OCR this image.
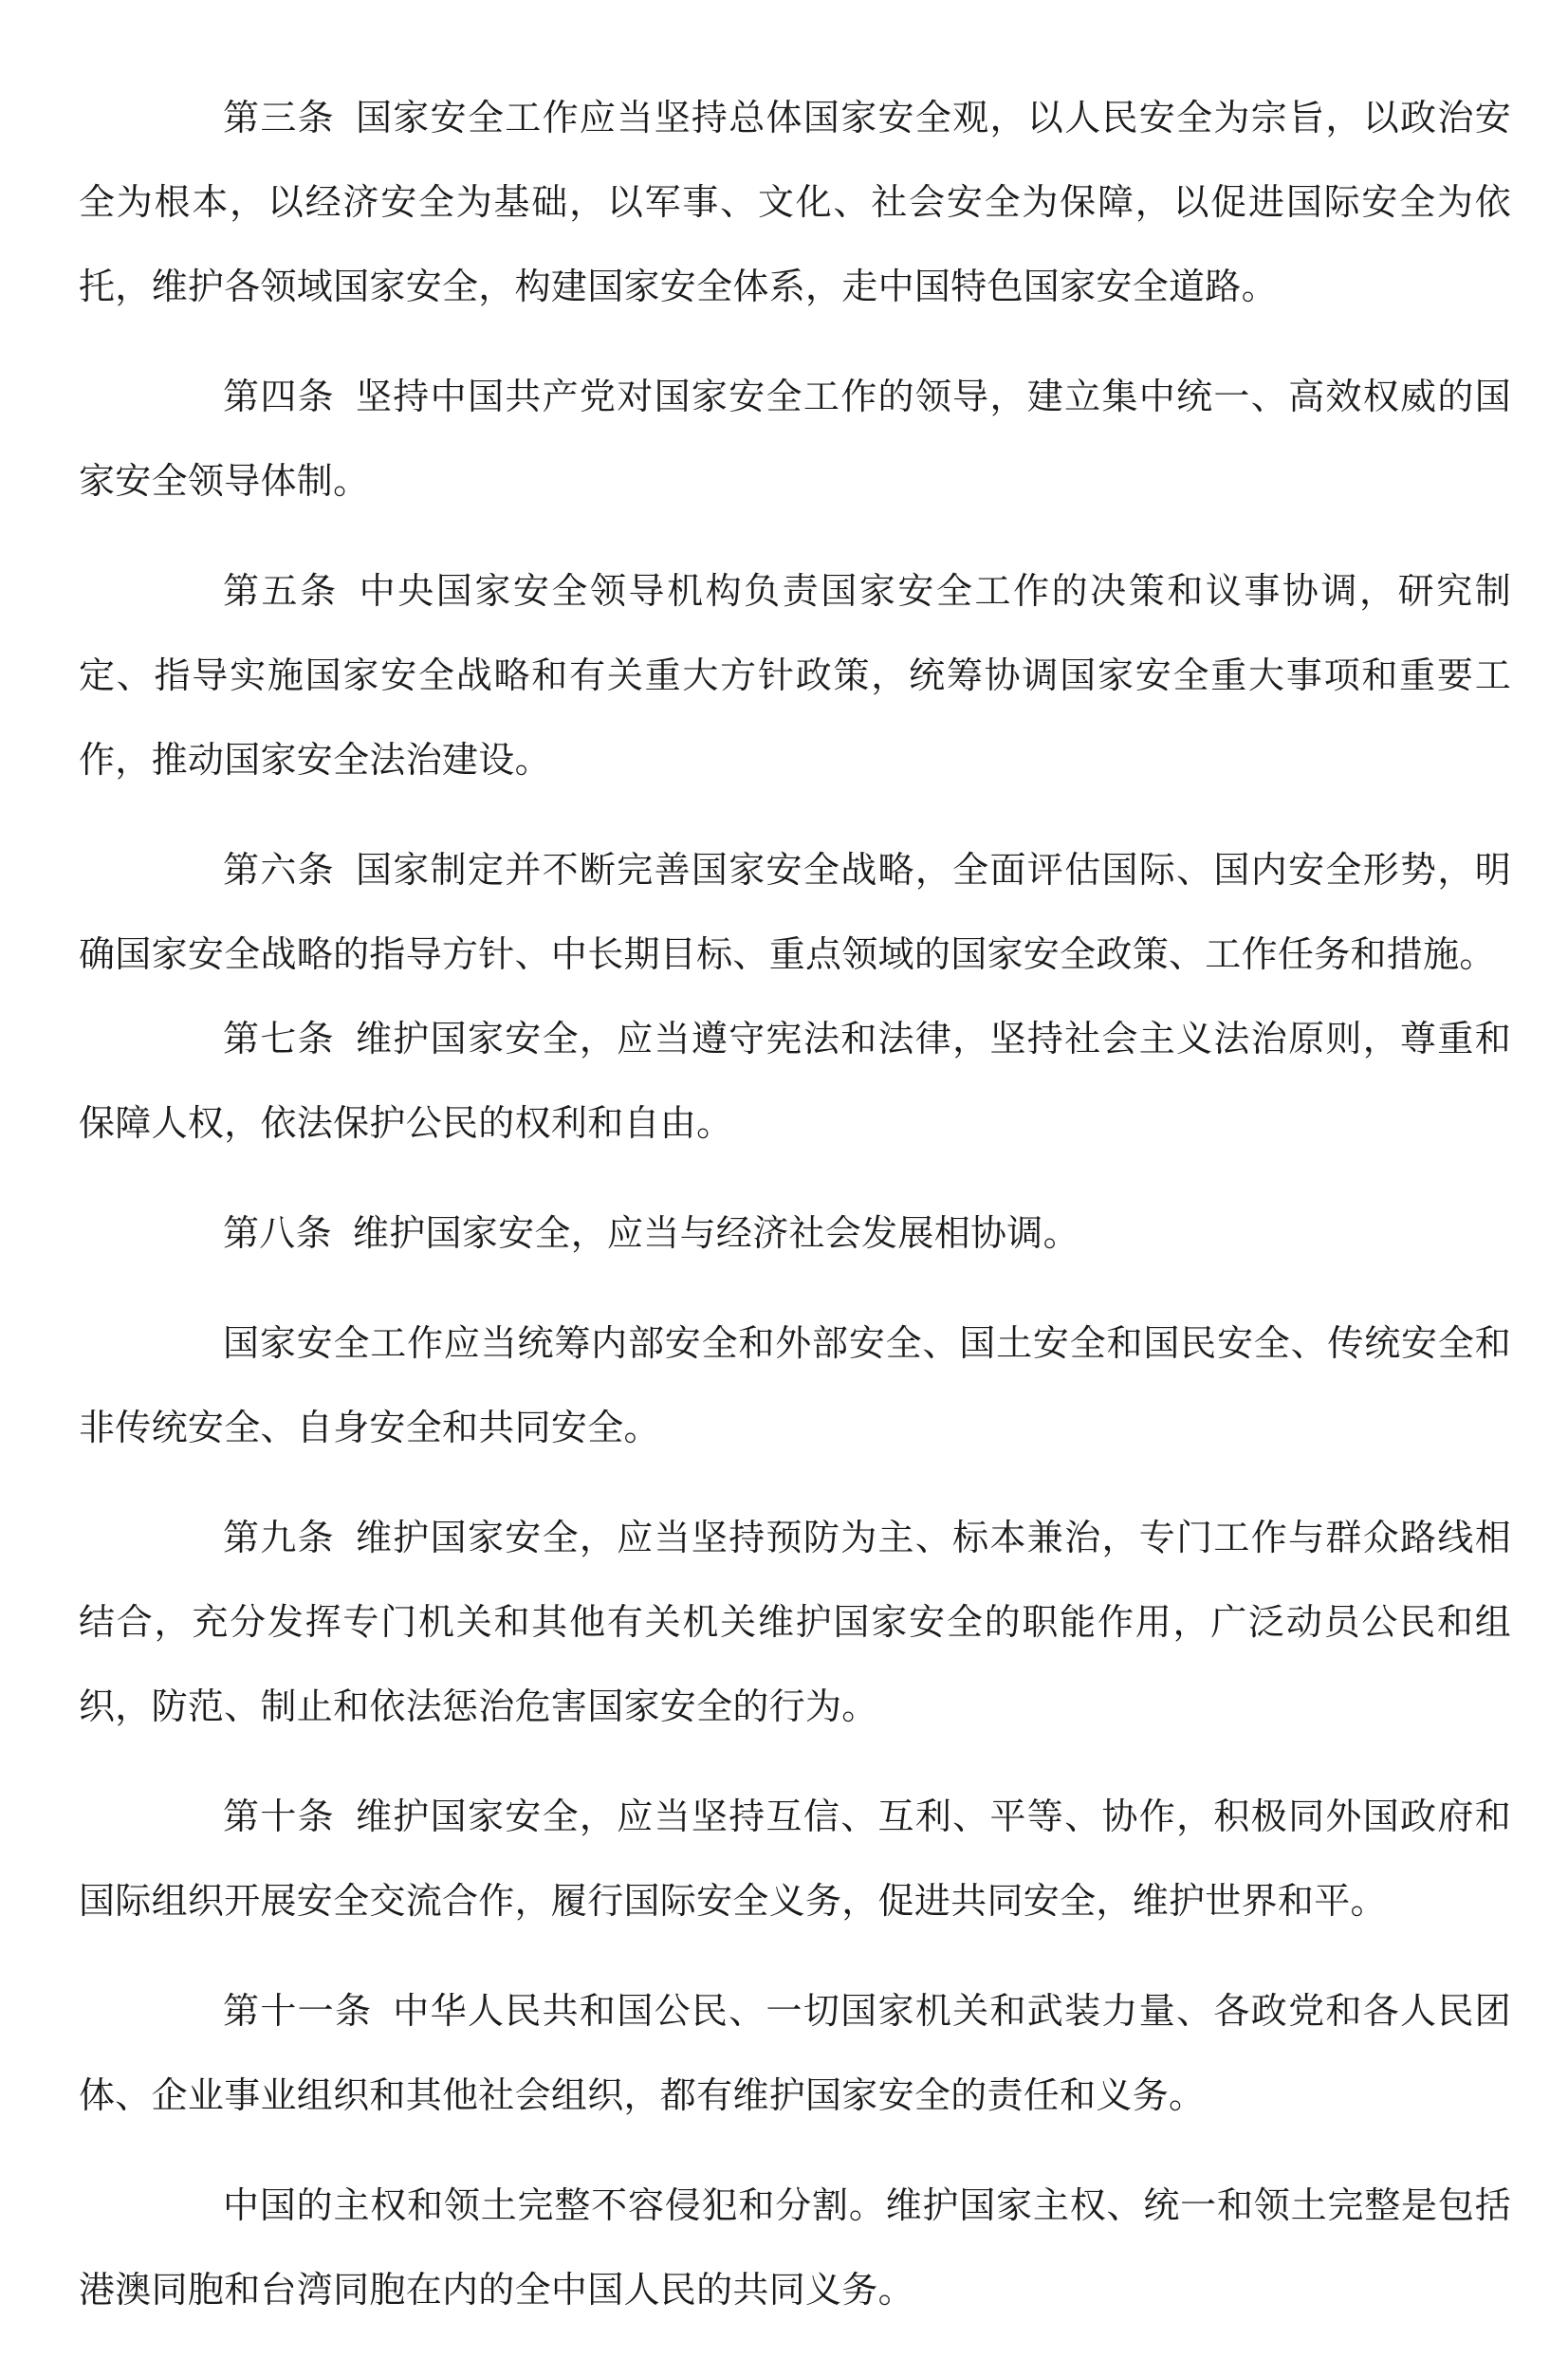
第三条 国家安全工作应当坚持总体国家安全观，以人民安全为宗旨，以政治安全为根本，以经济安全为基础，以军事、文化、社会安全为保障，以促进国际安全为依托，维护各领域国家安全，构建国家安全体系，走中国特色国家安全道路。

第四条 坚持中国共产党对国家安全工作的领导，建立集中统一、高效权威的国家安全领导体制。

第五条 中央国家安全领导机构负责国家安全工作的决策和议事协调，研究制定、指导实施国家安全战略和有关重大方针政策，统筹协调国家安全重大事项和重要工作，推动国家安全法治建设。

第六条 国家制定并不断完善国家安全战略，全面评估国际、国内安全形势，明确国家安全战略的指导方针、中长期目标、重点领域的国家安全政策、工作任务和措施。

第七条 维护国家安全，应当遵守宪法和法律，坚持社会主义法治原则，尊重和保障人权，依法保护公民的权利和自由。

第八条 维护国家安全，应当与经济社会发展相协调。

国家安全工作应当统筹内部安全和外部安全、国土安全和国民安全、传统安全和非传统安全、自身安全和共同安全。

第九条 维护国家安全，应当坚持预防为主、标本兼治，专门工作与群众路线相结合，充分发挥专门机关和其他有关机关维护国家安全的职能作用，广泛动员公民和组织，防范、制止和依法惩治危害国家安全的行为。

第十条 维护国家安全，应当坚持互信、互利、平等、协作，积极同外国政府和国际组织开展安全交流合作，履行国际安全义务，促进共同安全，维护世界和平。

第十一条 中华人民共和国公民、一切国家机关和武装力量、各政党和各人民团体、企业事业组织和其他社会组织，都有维护国家安全的责任和义务。

中国的主权和领土完整不容侵犯和分割。维护国家主权、统一和领土完整是包括港澳同胞和台湾同胞在内的全中国人民的共同义务。
